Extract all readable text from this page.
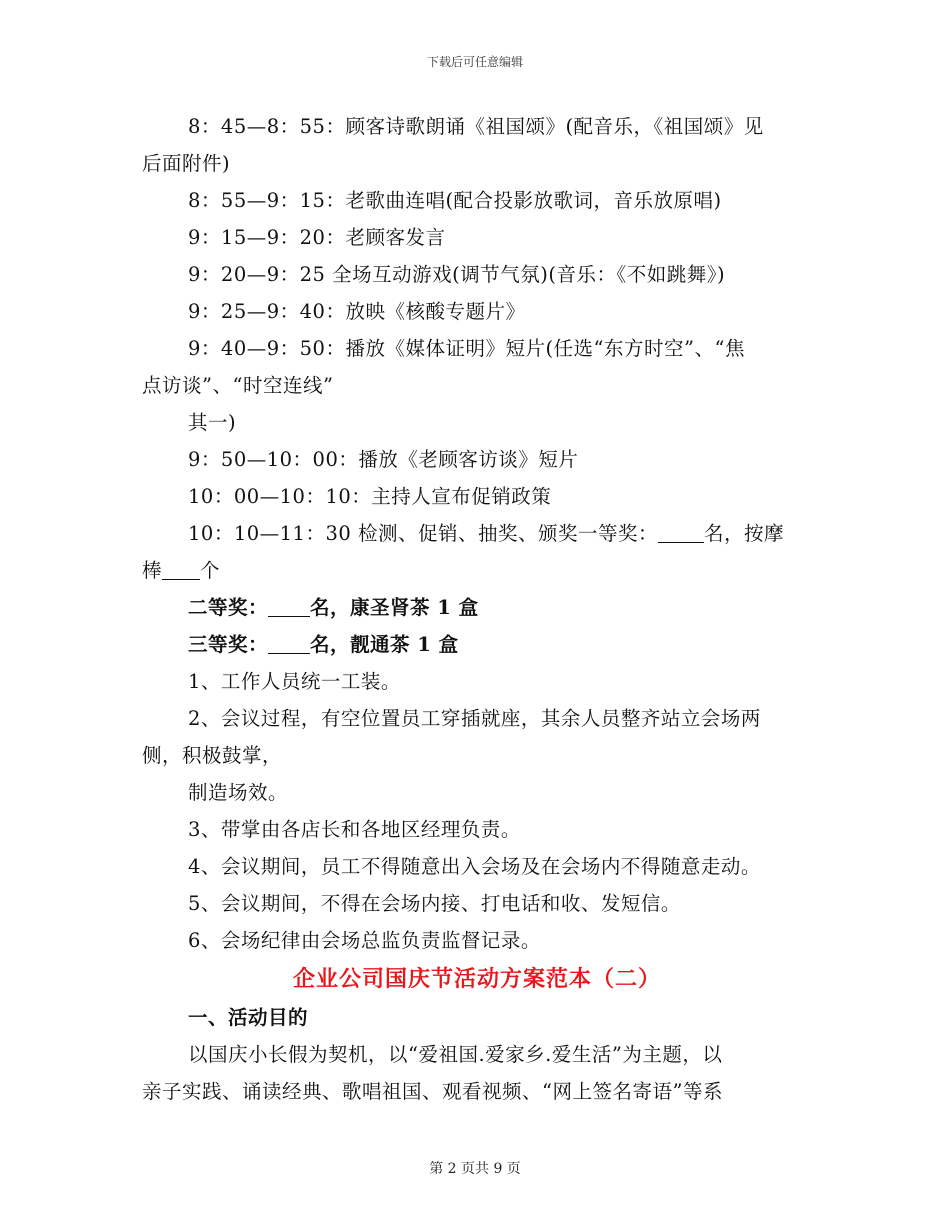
下载后可任意编辑
8：45—8：55：顾客诗歌朗诵《祖国颂》(配音乐，《祖国颂》见
后面附件)
8：55—9：15：老歌曲连唱(配合投影放歌词，音乐放原唱)
9：15—9：20：老顾客发言
9：20—9：25 全场互动游戏(调节气氛)(音乐：《不如跳舞》)
9：25—9：40：放映《核酸专题片》
9：40—9：50：播放《媒体证明》短片(任选“东方时空”、“焦
点访谈”、“时空连线”
其一)
9：50—10：00：播放《老顾客访谈》短片
10：00—10：10：主持人宣布促销政策
10：10—11：30 检测、促销、抽奖、颁奖一等奖： 名，按摩
棒 个
二等奖： 名，康圣肾茶 1 盒
三等奖： 名，靓通茶 1 盒
1、工作人员统一工装。
2、会议过程，有空位置员工穿插就座，其余人员整齐站立会场两
侧，积极鼓掌，
制造场效。
3、带掌由各店长和各地区经理负责。
4、会议期间，员工不得随意出入会场及在会场内不得随意走动。
5、会议期间，不得在会场内接、打电话和收、发短信。
6、会场纪律由会场总监负责监督记录。
企业公司国庆节活动方案范本（二）
一、活动目的
以国庆小长假为契机，以“爱祖国.爱家乡.爱生活”为主题，以
亲子实践、诵读经典、歌唱祖国、观看视频、“网上签名寄语”等系
第 2 页共 9 页
